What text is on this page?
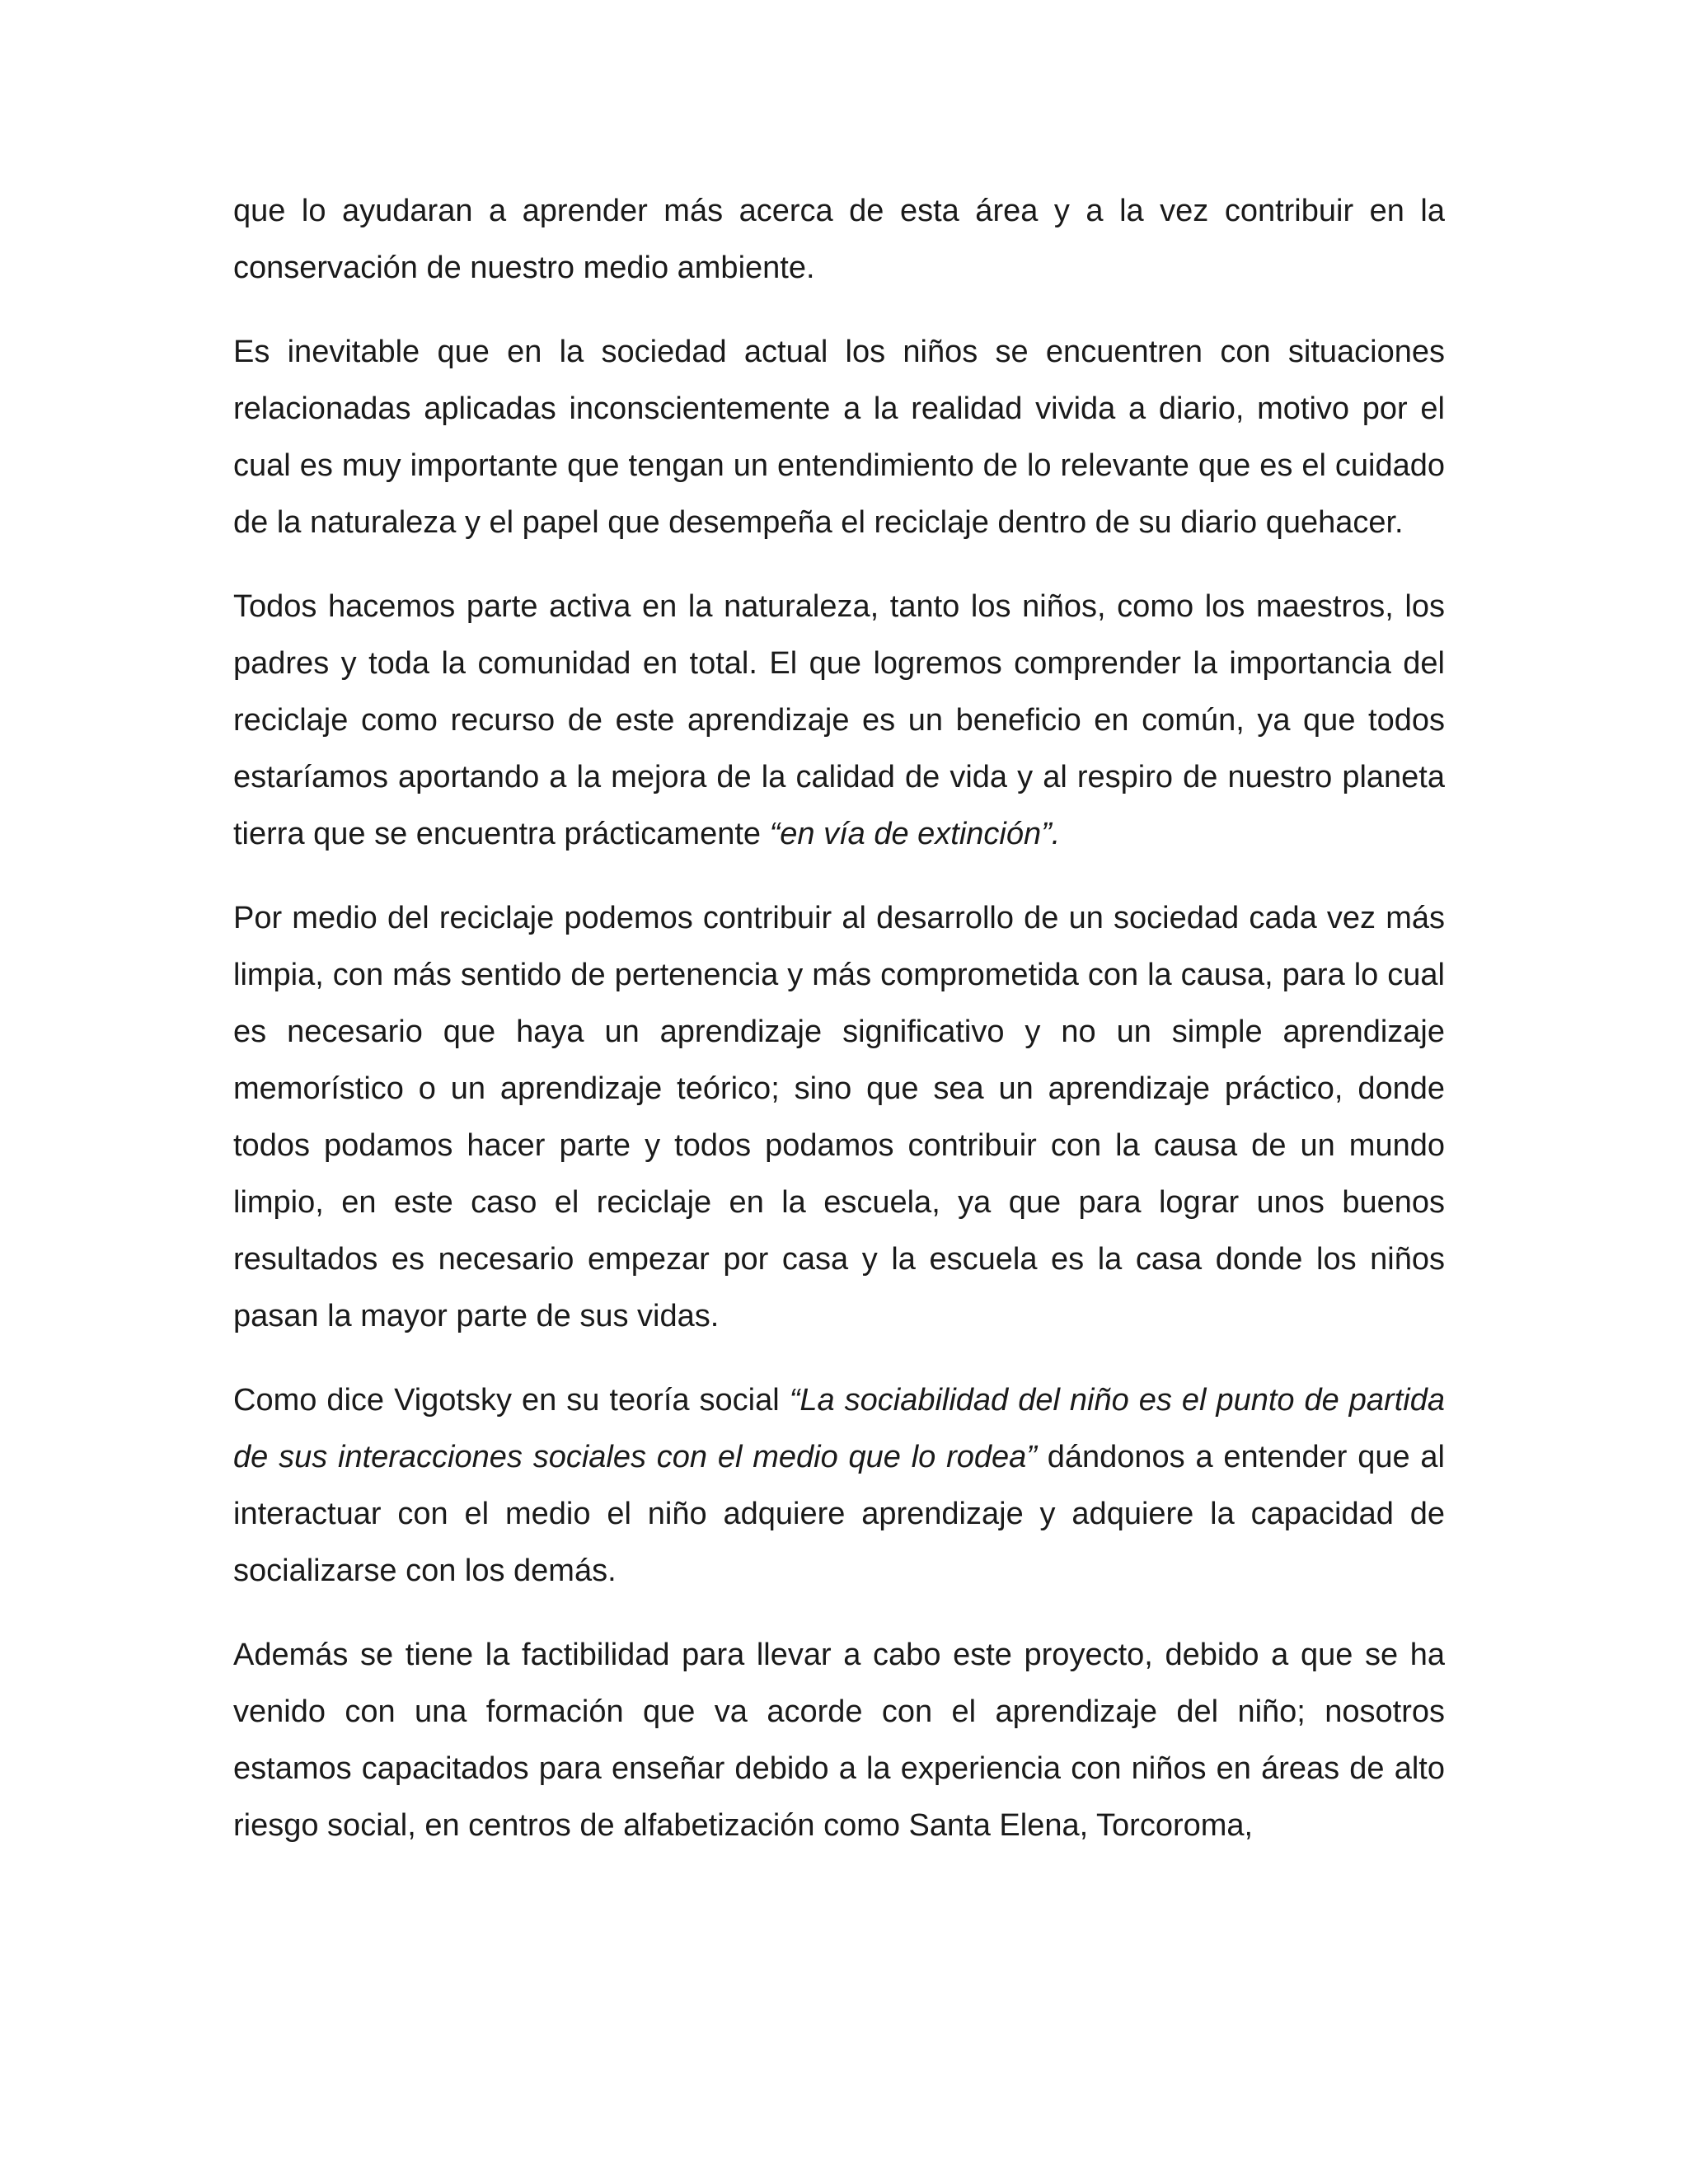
que lo ayudaran a aprender más acerca de esta área y a la vez contribuir en la conservación de nuestro medio ambiente.

Es inevitable que en la sociedad actual los niños se encuentren con situaciones relacionadas aplicadas inconscientemente a la realidad vivida a diario, motivo por el cual es muy importante que tengan un entendimiento de lo relevante que es el cuidado de la naturaleza y el papel que desempeña el reciclaje dentro de su diario quehacer.

Todos hacemos parte activa en la naturaleza, tanto los niños, como los maestros, los padres y toda la comunidad en total. El que logremos comprender la importancia del reciclaje como recurso de este aprendizaje es un beneficio en común, ya que todos estaríamos aportando a la mejora de la calidad de vida y al respiro de nuestro planeta tierra que se encuentra prácticamente “en vía de extinción”.

Por medio del reciclaje podemos contribuir al desarrollo de un sociedad cada vez más limpia, con más sentido de pertenencia y más comprometida con la causa, para lo cual es necesario que haya un aprendizaje significativo y no un simple aprendizaje memorístico o un aprendizaje teórico; sino que sea un aprendizaje práctico, donde todos podamos hacer parte y todos podamos contribuir con la causa de un mundo limpio, en este caso el reciclaje en la escuela, ya que para lograr unos buenos resultados es necesario empezar por casa y la escuela es la casa donde los niños pasan la mayor parte de sus vidas.

Como dice Vigotsky en su teoría social “La sociabilidad del niño es el punto de partida de sus interacciones sociales con el medio que lo rodea” dándonos a entender que al interactuar con el medio el niño adquiere aprendizaje y adquiere la capacidad de socializarse con los demás.

Además se tiene la factibilidad para llevar a cabo este proyecto, debido a que se ha venido con una formación que va acorde con el aprendizaje del niño; nosotros estamos capacitados para enseñar debido a la experiencia con niños en áreas de alto riesgo social, en centros de alfabetización como Santa Elena, Torcoroma,
